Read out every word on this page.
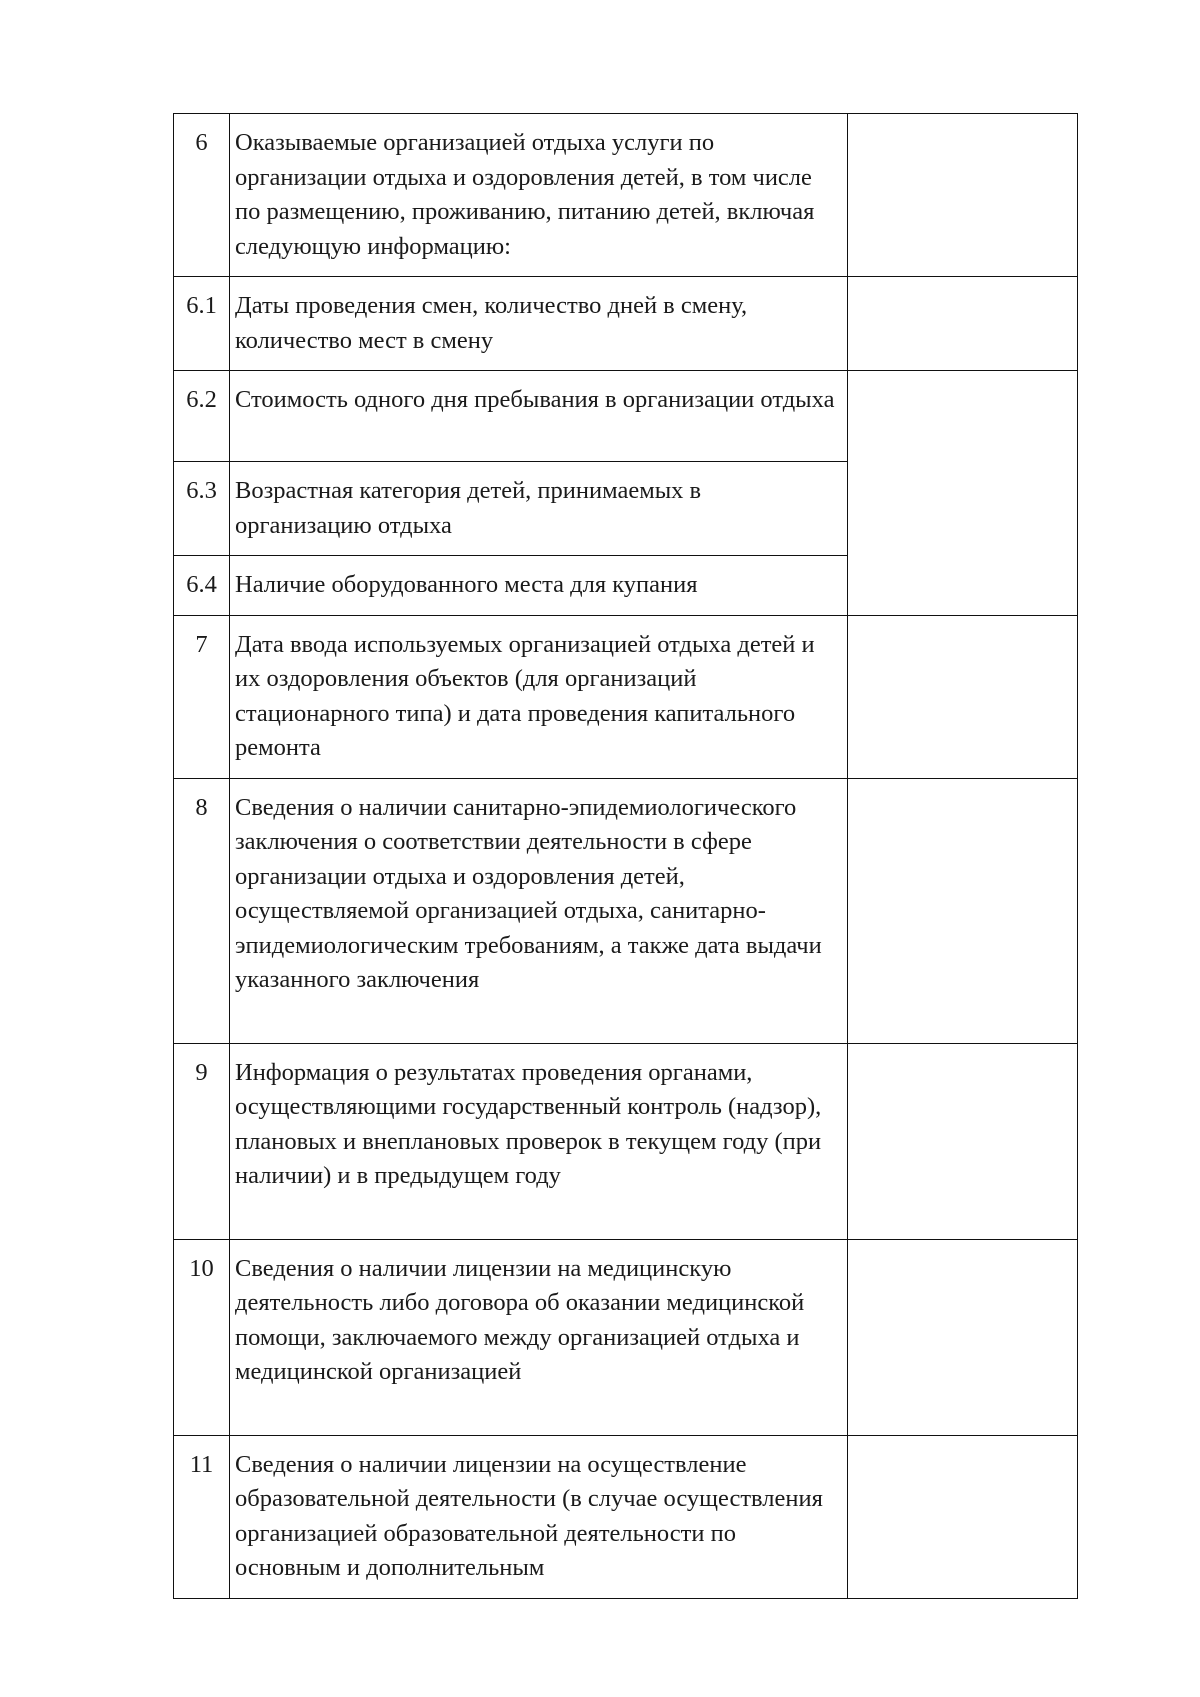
6	Оказываемые организацией отдыха услуги по организации отдыха и оздоровления детей, в том числе по размещению, проживанию, питанию детей, включая следующую информацию:	
6.1	Даты проведения смен, количество дней в смену, количество мест в смену	
6.2	Стоимость одного дня пребывания в организации отдыха	
6.3	Возрастная категория детей, принимаемых в организацию отдыха	
6.4	Наличие оборудованного места для купания	
7	Дата ввода используемых организацией отдыха детей и их оздоровления объектов (для организаций стационарного типа) и дата проведения капитального ремонта	
8	Сведения о наличии санитарно-эпидемиологического заключения о соответствии деятельности в сфере организации отдыха и оздоровления детей, осуществляемой организацией отдыха, санитарно-эпидемиологическим требованиям, а также дата выдачи указанного заключения	
9	Информация о результатах проведения органами, осуществляющими государственный контроль (надзор), плановых и внеплановых проверок в текущем году (при наличии) и в предыдущем году	
10	Сведения о наличии лицензии на медицинскую деятельность либо договора об оказании медицинской помощи, заключаемого между организацией отдыха и медицинской организацией	
11	Сведения о наличии лицензии на осуществление образовательной деятельности (в случае осуществления организацией образовательной деятельности по основным и дополнительным	
